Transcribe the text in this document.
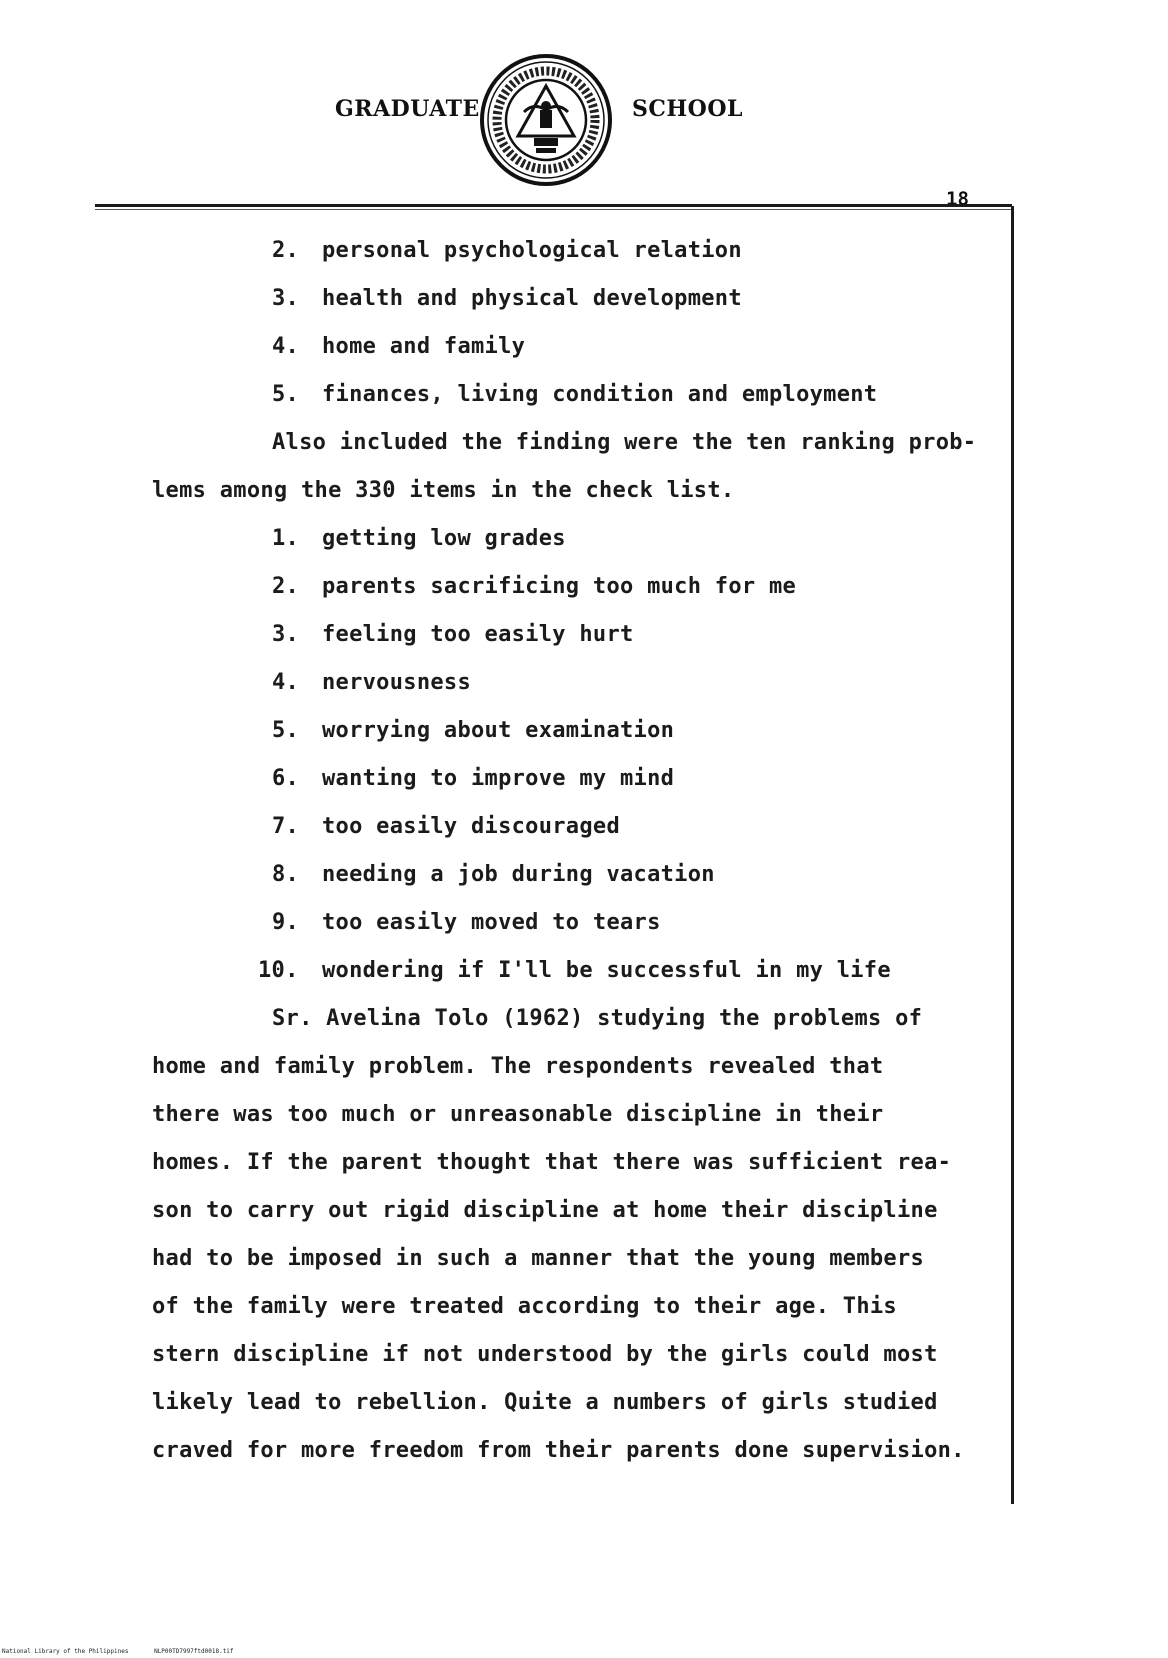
GRADUATE	SCHOOL
18
2. personal psychological relation
3. health and physical development
4. home and family
5. finances, living condition and employment
Also included the finding were the ten ranking prob-
lems among the 330 items in the check list.
1. getting low grades
2. parents sacrificing too much for me
3. feeling too easily hurt
4. nervousness
5. worrying about examination
6. wanting to improve my mind
7. too easily discouraged
8. needing a job during vacation
9. too easily moved to tears
10. wondering if I'll be successful in my life
Sr. Avelina Tolo (1962) studying the problems of
home and family problem. The respondents revealed that
there was too much or unreasonable discipline in their
homes. If the parent thought that there was sufficient rea-
son to carry out rigid discipline at home their discipline
had to be imposed in such a manner that the young members
of the family were treated according to their age. This
stern discipline if not understood by the girls could most
likely lead to rebellion. Quite a numbers of girls studied
craved for more freedom from their parents done supervision.
National Library of the Philippines	NLP00TD7997ftd0018.tif
